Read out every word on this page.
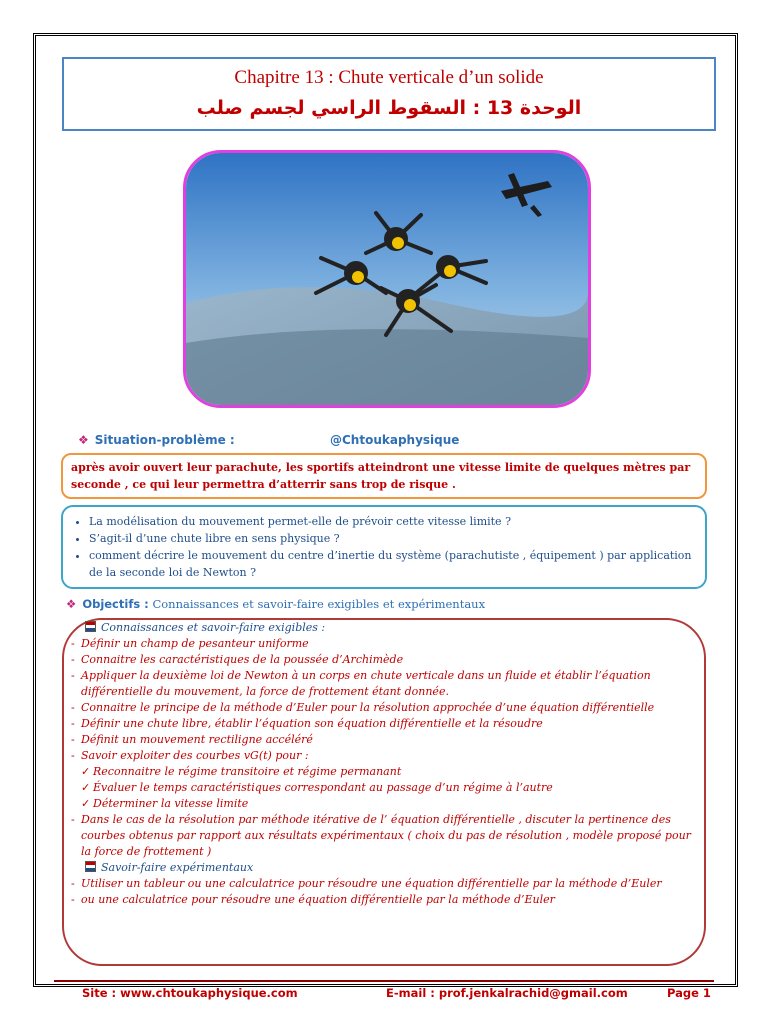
Chapitre 13 : Chute verticale d’un solide
الوحدة 13 : السقوط الراسي لجسم صلب
❖ Situation-problème :	@Chtoukaphysique
après avoir ouvert leur parachute, les sportifs atteindront une vitesse limite de quelques mètres par seconde , ce qui leur permettra d’atterrir sans trop de risque .
• La modélisation du mouvement permet-elle de prévoir cette vitesse limite ?
• S’agit-il d’une chute libre en sens physique ?
• comment décrire le mouvement du centre d’inertie du système (parachutiste , équipement ) par application de la seconde loi de Newton ?
❖ Objectifs : Connaissances et savoir-faire exigibles et expérimentaux
Connaissances et savoir-faire exigibles :
- Définir un champ de pesanteur uniforme
- Connaitre les caractéristiques de la poussée d’Archimède
- Appliquer la deuxième loi de Newton à un corps en chute verticale dans un fluide et établir l’équation différentielle du mouvement, la force de frottement étant donnée.
- Connaitre le principe de la méthode d’Euler pour la résolution approchée d’une équation différentielle
- Définir une chute libre, établir l’équation son équation différentielle et la résoudre
- Définit un mouvement rectiligne accéléré
- Savoir exploiter des courbes vG(t) pour :
✓ Reconnaitre le régime transitoire et régime permanant
✓ Évaluer le temps caractéristiques correspondant au passage d’un régime à l’autre
✓ Déterminer la vitesse limite
- Dans le cas de la résolution par méthode itérative de l’ équation différentielle , discuter la pertinence des courbes obtenus par rapport aux résultats expérimentaux ( choix du pas de résolution , modèle proposé pour la force de frottement )
Savoir-faire expérimentaux
- Utiliser un tableur ou une calculatrice pour résoudre une équation différentielle par la méthode d’Euler
- ou une calculatrice pour résoudre une équation différentielle par la méthode d’Euler
Site : www.chtoukaphysique.com	E-mail : prof.jenkalrachid@gmail.com	Page 1
